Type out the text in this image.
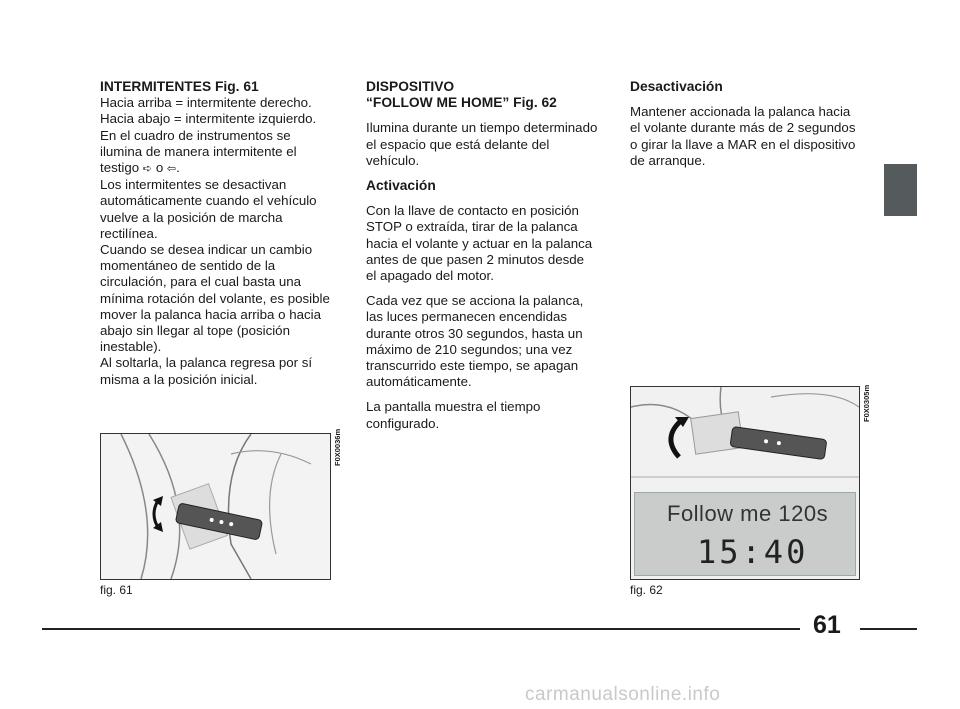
INTERMITENTES Fig. 61
Hacia arriba = intermitente derecho.
Hacia abajo = intermitente izquierdo.
En el cuadro de instrumentos se ilumina de manera intermitente el testigo ➪ o ⇦.
Los intermitentes se desactivan automáticamente cuando el vehículo vuelve a la posición de marcha rectilínea.
Cuando se desea indicar un cambio momentáneo de sentido de la circulación, para el cual basta una mínima rotación del volante, es posible mover la palanca hacia arriba o hacia abajo sin llegar al tope (posición inestable).
Al soltarla, la palanca regresa por sí misma a la posición inicial.
DISPOSITIVO

“FOLLOW ME HOME” Fig. 62

Ilumina durante un tiempo determinado el espacio que está delante del vehículo.

Activación

Con la llave de contacto en posición STOP o extraída, tirar de la palanca hacia el volante y actuar en la palanca antes de que pasen 2 minutos desde el apagado del motor.

Cada vez que se acciona la palanca, las luces permanecen encendidas durante otros 30 segundos, hasta un máximo de 210 segundos; una vez transcurrido este tiempo, se apagan automáticamente.

La pantalla muestra el tiempo configurado.

Desactivación

Mantener accionada la palanca hacia el volante durante más de 2 segundos o girar la llave a MAR en el dispositivo de arranque.

F0X0036m
fig. 61
Follow me 120s
15:40
F0X0305m
fig. 62
61
carmanualsonline.info
